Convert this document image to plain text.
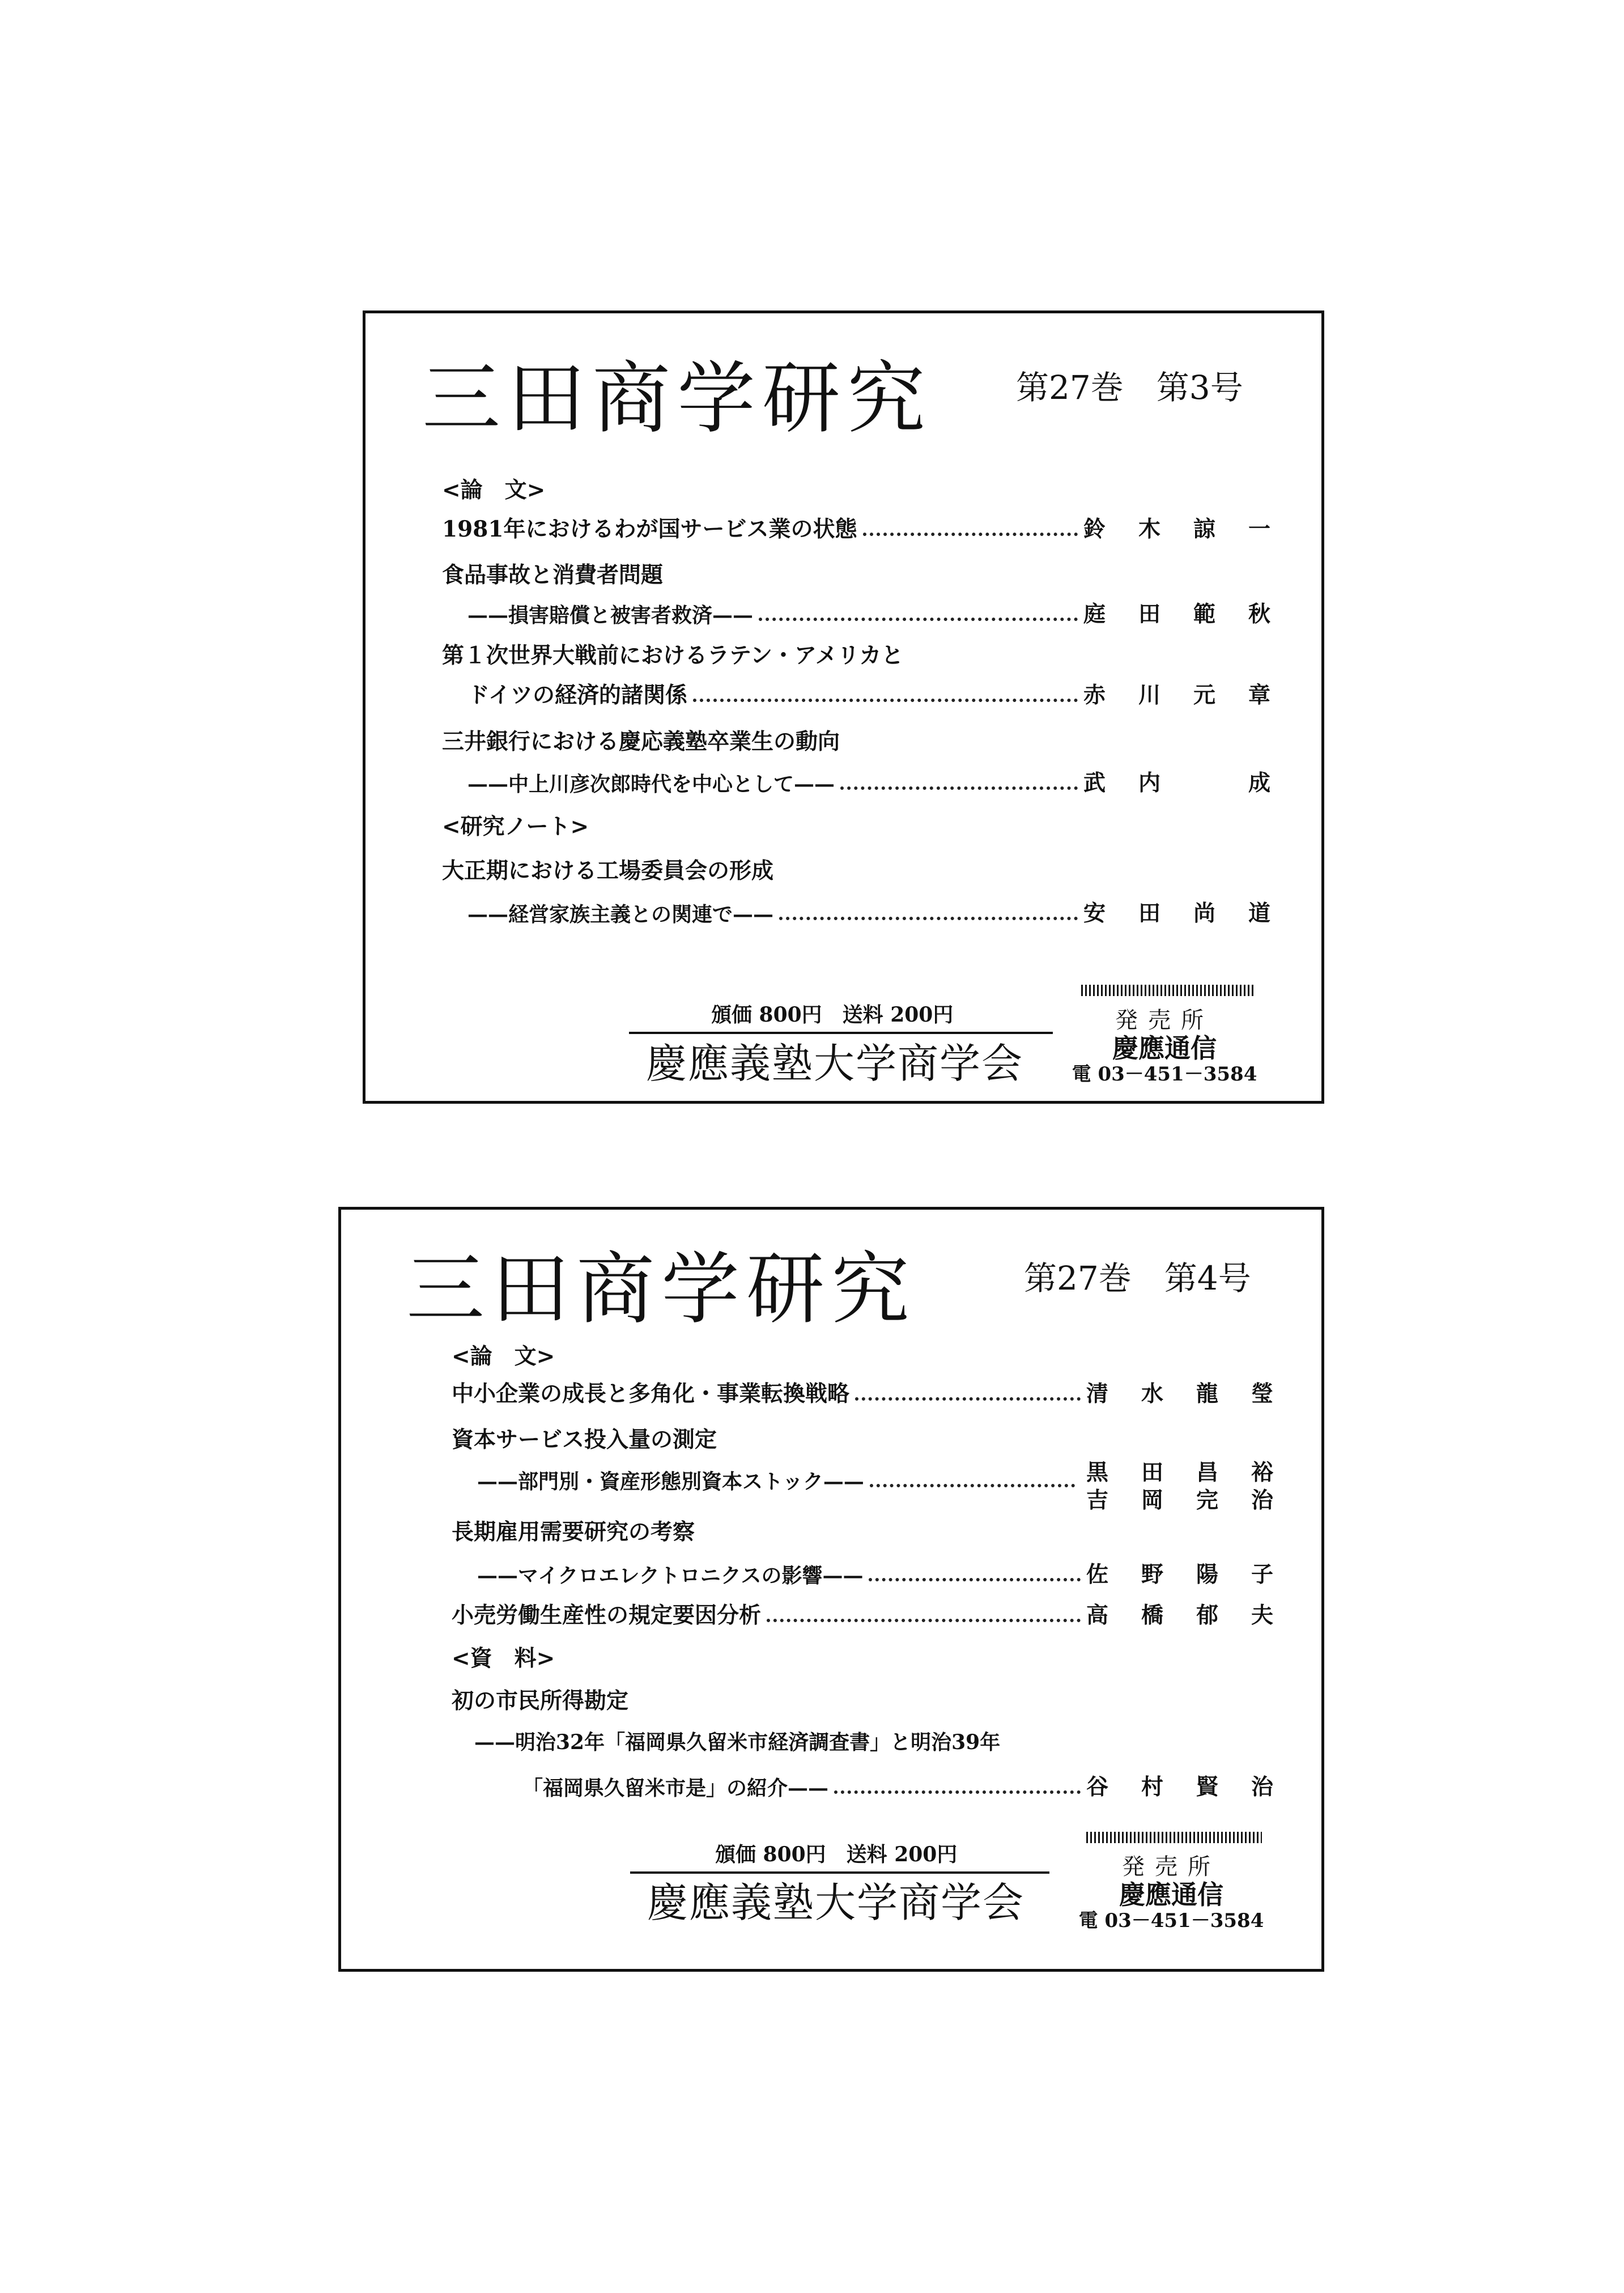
三田商学研究	第27巻　第3号
<論　文>
1981年におけるわが国サービス業の状態	鈴木諒一
食品事故と消費者問題
——損害賠償と被害者救済——	庭田範秋
第１次世界大戦前におけるラテン・アメリカと
ドイツの経済的諸関係	赤川元章
三井銀行における慶応義塾卒業生の動向
——中上川彦次郎時代を中心として——	武内　成
<研究ノート>
大正期における工場委員会の形成
——経営家族主義との関連で——	安田尚道
頒価 800円　送料 200円
慶應義塾大学商学会
発売所
慶應通信
電 03－451－3584
三田商学研究	第27巻　第4号
<論　文>
中小企業の成長と多角化・事業転換戦略	清水龍瑩
資本サービス投入量の測定
——部門別・資産形態別資本ストック——	黒田昌裕
吉岡完治
長期雇用需要研究の考察
——マイクロエレクトロニクスの影響——	佐野陽子
小売労働生産性の規定要因分析	高橋郁夫
<資　料>
初の市民所得勘定
——明治32年「福岡県久留米市経済調査書」と明治39年
「福岡県久留米市是」の紹介——	谷村賢治
頒価 800円　送料 200円
慶應義塾大学商学会
発売所
慶應通信
電 03－451－3584
